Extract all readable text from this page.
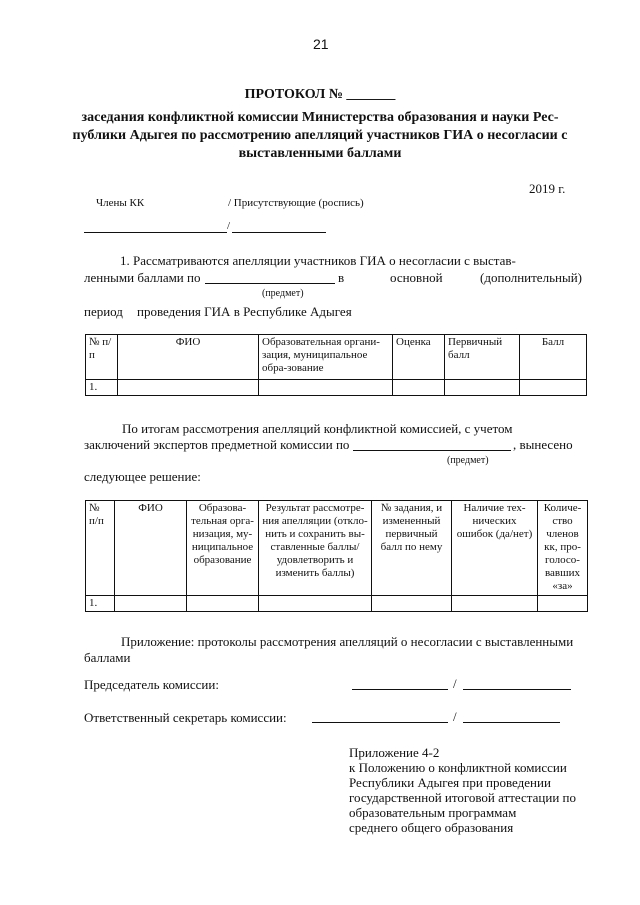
21
ПРОТОКОЛ № _______
заседания конфликтной комиссии Министерства образования и науки Рес-
публики Адыгея по рассмотрению апелляций участников ГИА о несогласии с
выставленными баллами
2019 г.
Члены КК	/ Присутствующие (роспись)
/
1. Рассматриваются апелляции участников ГИА о несогласии с выстав-
ленными баллами по	в	основной	(дополнительный)
(предмет)
период проведения ГИА в Республике Адыгея
№ п/п	ФИО	Образовательная органи-зация, муниципальное обра-зование	Оценка	Первичный балл	Балл
1.					
По итогам рассмотрения апелляций конфликтной комиссией, с учетом
заключений экспертов предметной комиссии по	, вынесено
(предмет)
следующее решение:
№ п/п	ФИО	Образова-тельная орга-низация, му-ниципальное образование	Результат рассмотре-ния апелляции (откло-нить и сохранить вы-ставленные баллы/ удовлетворить и изменить баллы)	№ задания, и измененный первичный балл по нему	Наличие тех-нических ошибок (да/нет)	Количе-ство членов кк, про-голосо-вавших «за»
1.						
Приложение: протоколы рассмотрения апелляций о несогласии с выставленными
баллами
Председатель комиссии:	/
Ответственный секретарь комиссии:	/
Приложение 4-2
к Положению о конфликтной комиссии
Республики Адыгея при проведении
государственной итоговой аттестации по
образовательным программам
среднего общего образования
